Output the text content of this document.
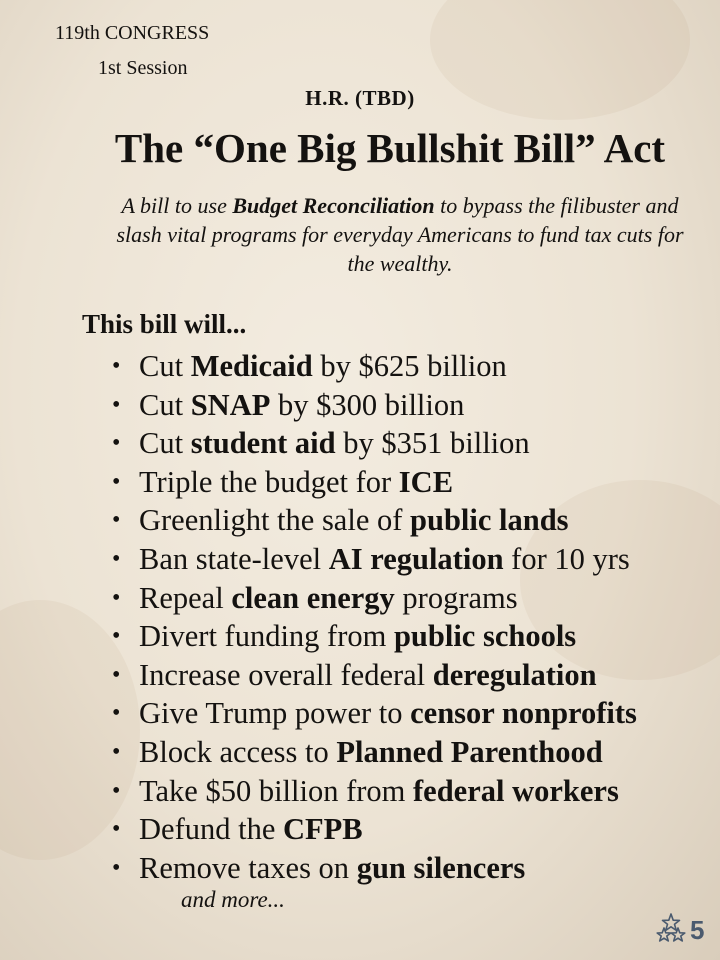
119th CONGRESS
1st Session
H.R. (TBD)
The “One Big Bullshit Bill” Act
A bill to use Budget Reconciliation to bypass the filibuster and slash vital programs for everyday Americans to fund tax cuts for the wealthy.
This bill will...
• Cut Medicaid by $625 billion
• Cut SNAP by $300 billion
• Cut student aid by $351 billion
• Triple the budget for ICE
• Greenlight the sale of public lands
• Ban state-level AI regulation for 10 yrs
• Repeal clean energy programs
• Divert funding from public schools
• Increase overall federal deregulation
• Give Trump power to censor nonprofits
• Block access to Planned Parenthood
• Take $50 billion from federal workers
• Defund the CFPB
• Remove taxes on gun silencers
and more...
5
